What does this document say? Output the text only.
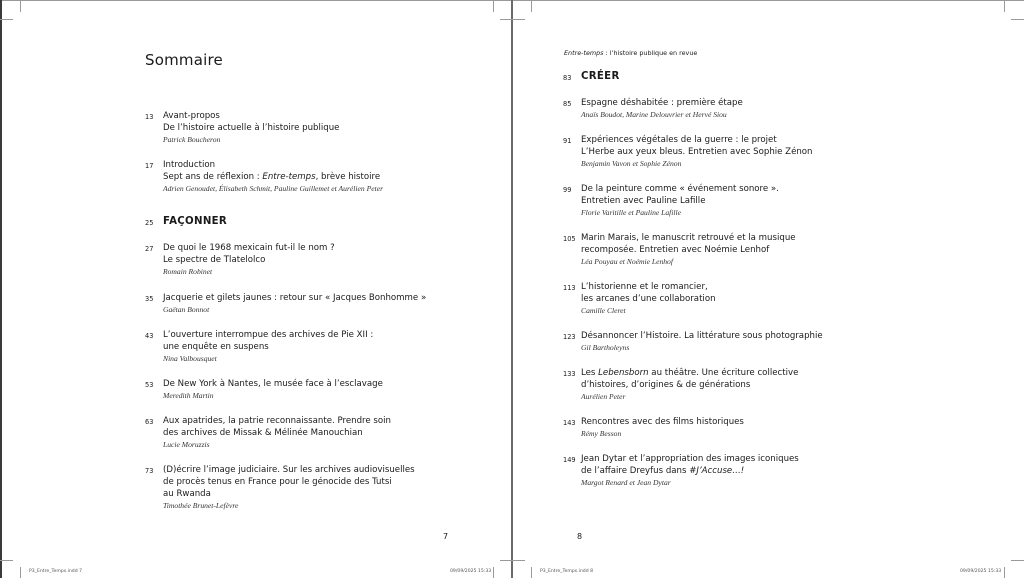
Sommaire
13	Avant-propos
De l’histoire actuelle à l’histoire publique
Patrick Boucheron
17	Introduction
Sept ans de réflexion : Entre-temps, brève histoire
Adrien Genoudet, Élisabeth Schmit, Pauline Guillemet et Aurélien Peter
25 FAÇONNER
27	De quoi le 1968 mexicain fut-il le nom ?
Le spectre de Tlatelolco
Romain Robinet
35	Jacquerie et gilets jaunes : retour sur « Jacques Bonhomme »
Gaëtan Bonnot
43	L’ouverture interrompue des archives de Pie XII :
une enquête en suspens
Nina Valbousquet
53	De New York à Nantes, le musée face à l’esclavage
Meredith Martin
63	Aux apatrides, la patrie reconnaissante. Prendre soin
des archives de Missak & Mélinée Manouchian
Lucie Moruzzis
73	(D)écrire l’image judiciaire. Sur les archives audiovisuelles
de procès tenus en France pour le génocide des Tutsi
au Rwanda
Timothée Brunet-Lefèvre
7
P3_Entre_Temps.indd 7	09/09/2025 15:33
Entre-temps : l’histoire publique en revue
83 CRÉER
85	Espagne déshabitée : première étape
Anaïs Boudot, Marine Delouvrier et Hervé Siou
91	Expériences végétales de la guerre : le projet
L’Herbe aux yeux bleus. Entretien avec Sophie Zénon
Benjamin Vavon et Sophie Zénon
99	De la peinture comme « événement sonore ».
Entretien avec Pauline Lafille
Florie Varitille et Pauline Lafille
105 Marin Marais, le manuscrit retrouvé et la musique
recomposée. Entretien avec Noémie Lenhof
Léa Pouyau et Noémie Lenhof
113 L’historienne et le romancier,
les arcanes d’une collaboration
Camille Cleret
123 Désannoncer l’Histoire. La littérature sous photographie
Gil Bartholeyns
133 Les Lebensborn au théâtre. Une écriture collective
d’histoires, d’origines & de générations
Aurélien Peter
143 Rencontres avec des films historiques
Rémy Besson
149 Jean Dytar et l’appropriation des images iconiques
de l’affaire Dreyfus dans #J’Accuse…!
Margot Renard et Jean Dytar
8
P3_Entre_Temps.indd 8	09/09/2025 15:33
